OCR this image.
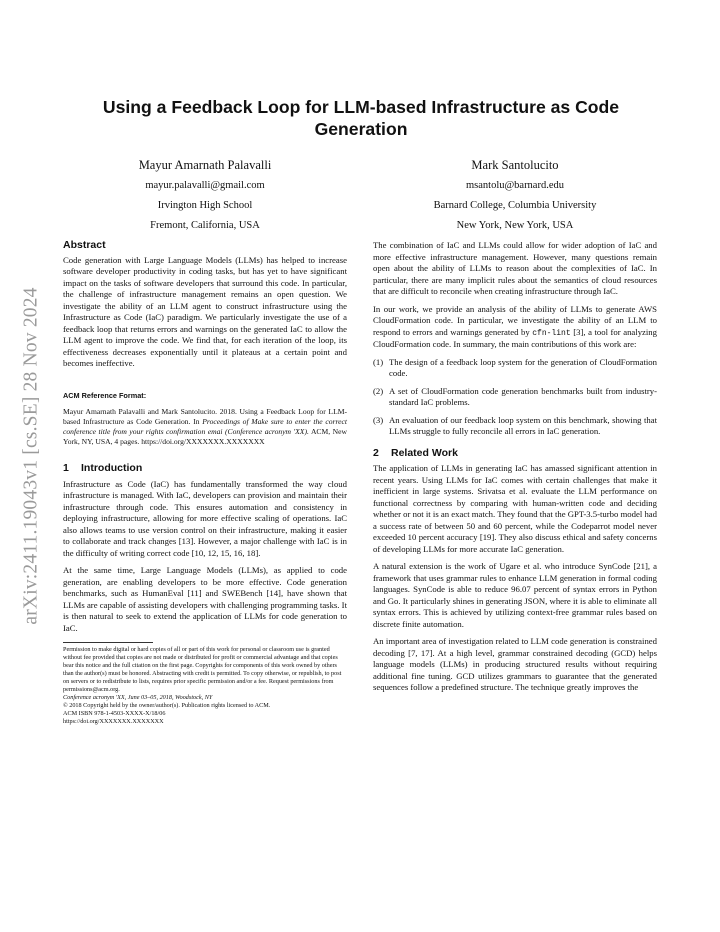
arXiv:2411.19043v1 [cs.SE] 28 Nov 2024
Using a Feedback Loop for LLM-based Infrastructure as Code
Generation
Mayur Amarnath Palavalli
mayur.palavalli@gmail.com
Irvington High School
Fremont, California, USA
Mark Santolucito
msantolu@barnard.edu
Barnard College, Columbia University
New York, New York, USA
Abstract

Code generation with Large Language Models (LLMs) has helped to increase software developer productivity in coding tasks, but has yet to have significant impact on the tasks of software developers that surround this code. In particular, the challenge of infrastructure management remains an open question. We investigate the ability of an LLM agent to construct infrastructure using the Infrastructure as Code (IaC) paradigm. We particularly investigate the use of a feedback loop that returns errors and warnings on the generated IaC to allow the LLM agent to improve the code. We find that, for each iteration of the loop, its effectiveness decreases exponentially until it plateaus at a certain point and becomes ineffective.

ACM Reference Format:
Mayur Amarnath Palavalli and Mark Santolucito. 2018. Using a Feedback Loop for LLM-based Infrastructure as Code Generation. In Proceedings of Make sure to enter the correct conference title from your rights confirmation emai (Conference acronym 'XX). ACM, New York, NY, USA, 4 pages. https://doi.org/XXXXXXX.XXXXXXX
1 Introduction

Infrastructure as Code (IaC) has fundamentally transformed the way cloud infrastructure is managed. With IaC, developers can provision and maintain their infrastructure through code. This ensures automation and consistency in deploying infrastructure, allowing for more effective scaling of operations. IaC also allows teams to use version control on their infrastructure, making it easier to collaborate and track changes [13]. However, a major challenge with IaC is in the difficulty of writing correct code [10, 12, 15, 16, 18].

At the same time, Large Language Models (LLMs), as applied to code generation, are enabling developers to be more effective. Code generation benchmarks, such as HumanEval [11] and SWEBench [14], have shown that LLMs are capable of assisting developers with challenging programming tasks. It is then natural to seek to extend the application of LLMs for code generation to IaC.

Permission to make digital or hard copies of all or part of this work for personal or classroom use is granted without fee provided that copies are not made or distributed for profit or commercial advantage and that copies bear this notice and the full citation on the first page. Copyrights for components of this work owned by others than the author(s) must be honored. Abstracting with credit is permitted. To copy otherwise, or republish, to post on servers or to redistribute to lists, requires prior specific permission and/or a fee. Request permissions from permissions@acm.org.
Conference acronym 'XX, June 03–05, 2018, Woodstock, NY
© 2018 Copyright held by the owner/author(s). Publication rights licensed to ACM.
ACM ISBN 978-1-4503-XXXX-X/18/06
https://doi.org/XXXXXXX.XXXXXXX

The combination of IaC and LLMs could allow for wider adoption of IaC and more effective infrastructure management. However, many questions remain open about the ability of LLMs to reason about the complexities of IaC. In particular, there are many implicit rules about the semantics of cloud resources that are difficult to reconcile when creating infrastructure through IaC.

In our work, we provide an analysis of the ability of LLMs to generate AWS CloudFormation code. In particular, we investigate the ability of an LLM to respond to errors and warnings generated by cfn-lint [3], a tool for analyzing CloudFormation code. In summary, the main contributions of this work are:

(1) The design of a feedback loop system for the generation of CloudFormation code.
(2) A set of CloudFormation code generation benchmarks built from industry-standard IaC problems.
(3) An evaluation of our feedback loop system on this benchmark, showing that LLMs struggle to fully reconcile all errors in IaC generation.
2 Related Work

The application of LLMs in generating IaC has amassed significant attention in recent years. Using LLMs for IaC comes with certain challenges that make it inefficient in large systems. Srivatsa et al. evaluate the LLM performance on functional correctness by comparing with human-written code and deciding whether or not it is an exact match. They found that the GPT-3.5-turbo model had a success rate of between 50 and 60 percent, while the Codeparrot model never exceeded 10 percent accuracy [19]. They also discuss ethical and safety concerns of developing LLMs for more accurate IaC generation.

A natural extension is the work of Ugare et al. who introduce SynCode [21], a framework that uses grammar rules to enhance LLM generation in formal coding languages. SynCode is able to reduce 96.07 percent of syntax errors in Python and Go. It particularly shines in generating JSON, where it is able to eliminate all syntax errors. This is achieved by utilizing context-free grammar rules based on discrete finite automation.

An important area of investigation related to LLM code generation is constrained decoding [7, 17]. At a high level, grammar constrained decoding (GCD) helps language models (LLMs) in producing structured results without requiring additional fine tuning. GCD utilizes grammars to guarantee that the generated sequences follow a predefined structure. The technique greatly improves the
